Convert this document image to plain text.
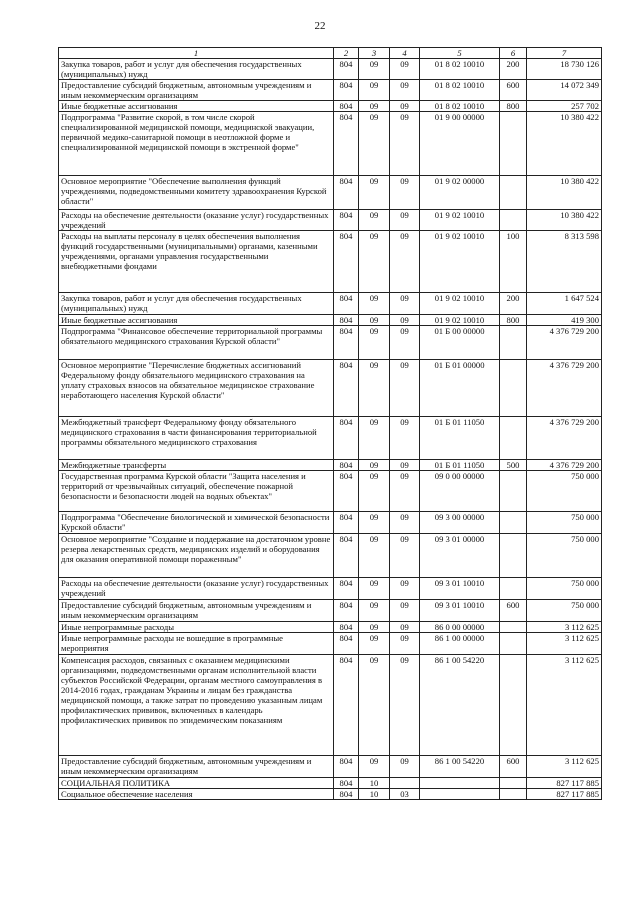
22
1	2	3	4	5	6	7
Закупка товаров, работ и услуг для обеспечения государственных (муниципальных) нужд	804	09	09	01 8 02 10010	200	18 730 126
Предоставление субсидий бюджетным, автономным учреждениям и иным некоммерческим организациям	804	09	09	01 8 02 10010	600	14 072 349
Иные бюджетные ассигнования	804	09	09	01 8 02 10010	800	257 702
Подпрограмма "Развитие скорой, в том числе скорой специализированной медицинской помощи, медицинской эвакуации, первичной медико-санитарной помощи в неотложной форме и специализированной медицинской помощи в экстренной форме"	804	09	09	01 9 00 00000		10 380 422
Основное мероприятие "Обеспечение выполнения функций учреждениями, подведомственными комитету здравоохранения Курской области"	804	09	09	01 9 02 00000		10 380 422
Расходы на обеспечение деятельности (оказание услуг) государственных учреждений	804	09	09	01 9 02 10010		10 380 422
Расходы на выплаты персоналу в целях обеспечения выполнения функций государственными (муниципальными) органами, казенными учреждениями, органами управления государственными внебюджетными фондами	804	09	09	01 9 02 10010	100	8 313 598
Закупка товаров, работ и услуг для обеспечения государственных (муниципальных) нужд	804	09	09	01 9 02 10010	200	1 647 524
Иные бюджетные ассигнования	804	09	09	01 9 02 10010	800	419 300
Подпрограмма "Финансовое обеспечение территориальной программы обязательного медицинского страхования Курской области"	804	09	09	01 Б 00 00000		4 376 729 200
Основное мероприятие "Перечисление бюджетных ассигнований Федеральному фонду обязательного медицинского страхования на уплату страховых взносов на обязательное медицинское страхование неработающего населения Курской области"	804	09	09	01 Б 01 00000		4 376 729 200
Межбюджетный трансферт Федеральному фонду обязательного медицинского страхования в части финансирования территориальной программы обязательного медицинского страхования	804	09	09	01 Б 01 11050		4 376 729 200
Межбюджетные трансферты	804	09	09	01 Б 01 11050	500	4 376 729 200
Государственная программа Курской области "Защита населения и территорий от чрезвычайных ситуаций, обеспечение пожарной безопасности и безопасности людей на водных объектах"	804	09	09	09 0 00 00000		750 000
Подпрограмма "Обеспечение биологической и химической безопасности Курской области"	804	09	09	09 3 00 00000		750 000
Основное мероприятие "Создание и поддержание на достаточном уровне резерва лекарственных средств, медицинских изделий и оборудования для оказания оперативной помощи пораженным"	804	09	09	09 3 01 00000		750 000
Расходы на обеспечение деятельности (оказание услуг) государственных учреждений	804	09	09	09 3 01 10010		750 000
Предоставление субсидий бюджетным, автономным учреждениям и иным некоммерческим организациям	804	09	09	09 3 01 10010	600	750 000
Иные непрограммные расходы	804	09	09	86 0 00 00000		3 112 625
Иные непрограммные расходы не вошедшие в программные мероприятия	804	09	09	86 1 00 00000		3 112 625
Компенсация расходов, связанных с оказанием медицинскими организациями, подведомственными органам исполнительной власти субъектов Российской Федерации, органам местного самоуправления в 2014-2016 годах, гражданам Украины и лицам без гражданства медицинской помощи, а также затрат по проведению указанным лицам профилактических прививок, включенных в календарь профилактических прививок по эпидемическим показаниям	804	09	09	86 1 00 54220		3 112 625
Предоставление субсидий бюджетным, автономным учреждениям и иным некоммерческим организациям	804	09	09	86 1 00 54220	600	3 112 625
СОЦИАЛЬНАЯ ПОЛИТИКА	804	10				827 117 885
Социальное обеспечение населения	804	10	03			827 117 885
